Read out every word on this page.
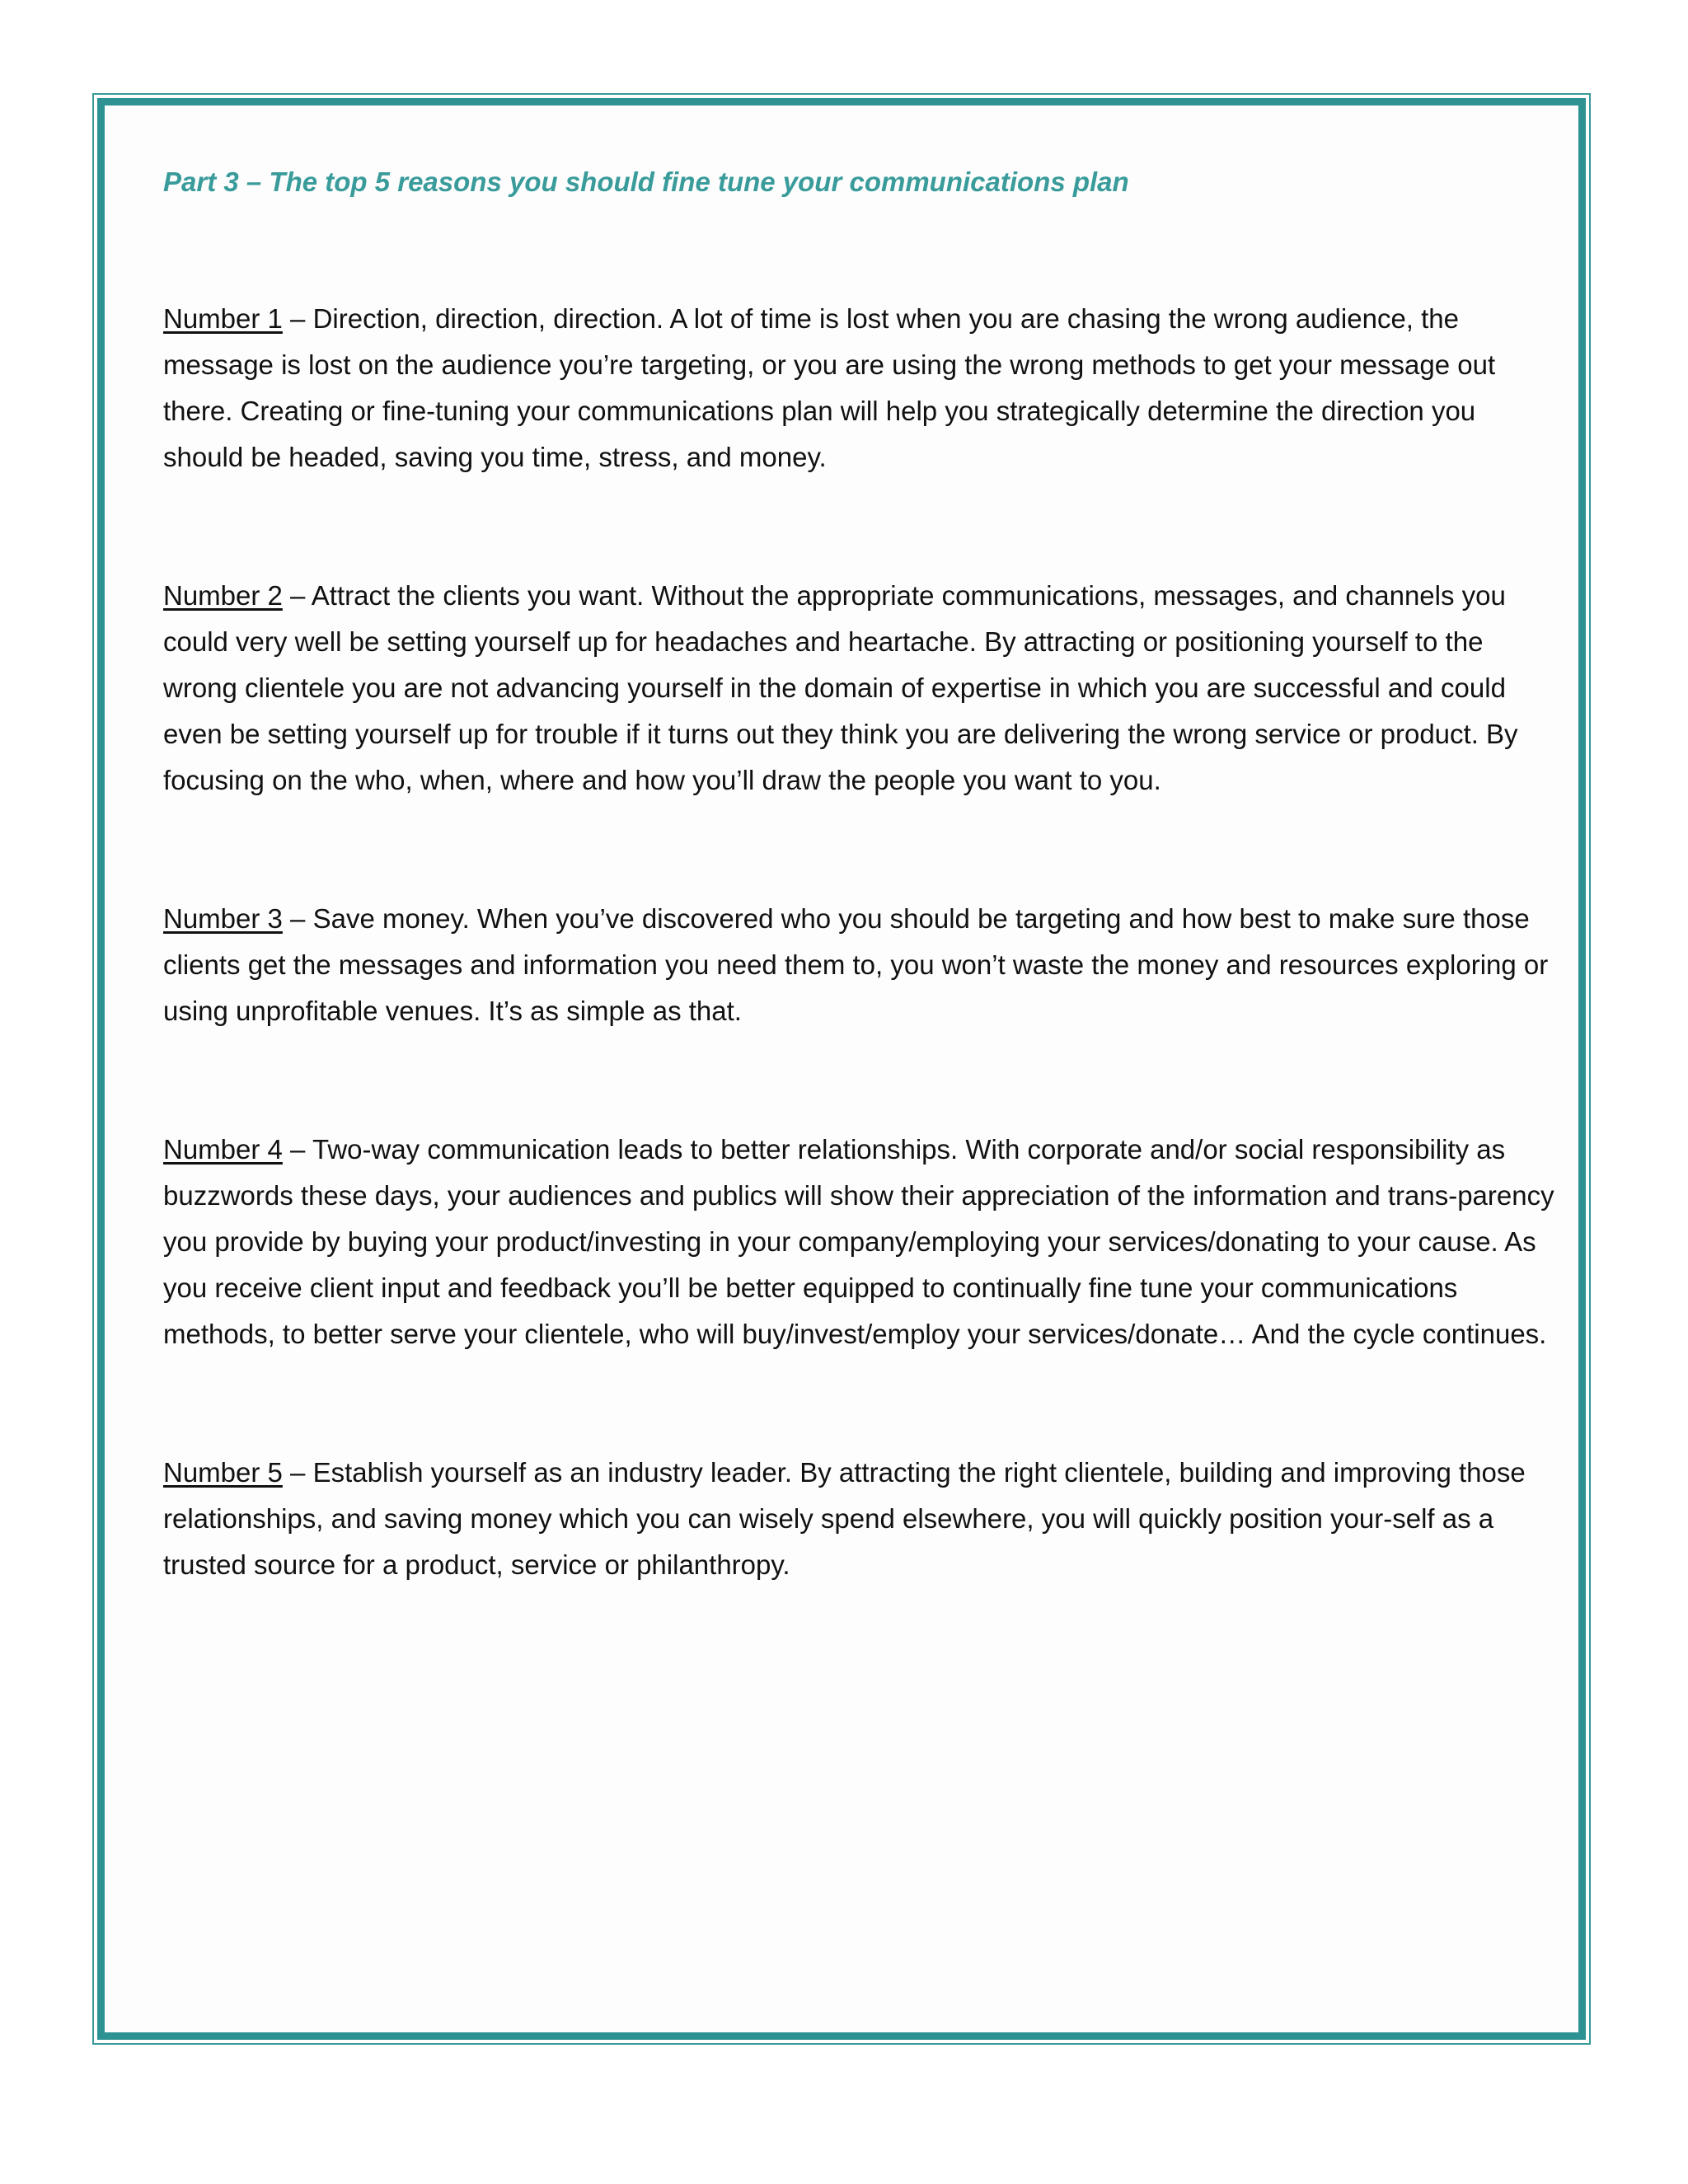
Part 3 – The top 5 reasons you should fine tune your communications plan

Number 1 – Direction, direction, direction. A lot of time is lost when you are chasing the wrong audience, the message is lost on the audience you’re targeting, or you are using the wrong methods to get your message out there. Creating or fine-tuning your communications plan will help you strategically determine the direction you should be headed, saving you time, stress, and money.

Number 2 – Attract the clients you want. Without the appropriate communications, messages, and channels you could very well be setting yourself up for headaches and heartache. By attracting or positioning yourself to the wrong clientele you are not advancing yourself in the domain of expertise in which you are successful and could even be setting yourself up for trouble if it turns out they think you are delivering the wrong service or product. By focusing on the who, when, where and how you’ll draw the people you want to you.

Number 3 – Save money. When you’ve discovered who you should be targeting and how best to make sure those clients get the messages and information you need them to, you won’t waste the money and resources exploring or using unprofitable venues. It’s as simple as that.

Number 4 – Two-way communication leads to better relationships. With corporate and/or social responsibility as buzzwords these days, your audiences and publics will show their appreciation of the information and trans-parency you provide by buying your product/investing in your company/employing your services/donating to your cause. As you receive client input and feedback you’ll be better equipped to continually fine tune your communications methods, to better serve your clientele, who will buy/invest/employ your services/donate… And the cycle continues.

Number 5 – Establish yourself as an industry leader. By attracting the right clientele, building and improving those relationships, and saving money which you can wisely spend elsewhere, you will quickly position your-self as a trusted source for a product, service or philanthropy.
